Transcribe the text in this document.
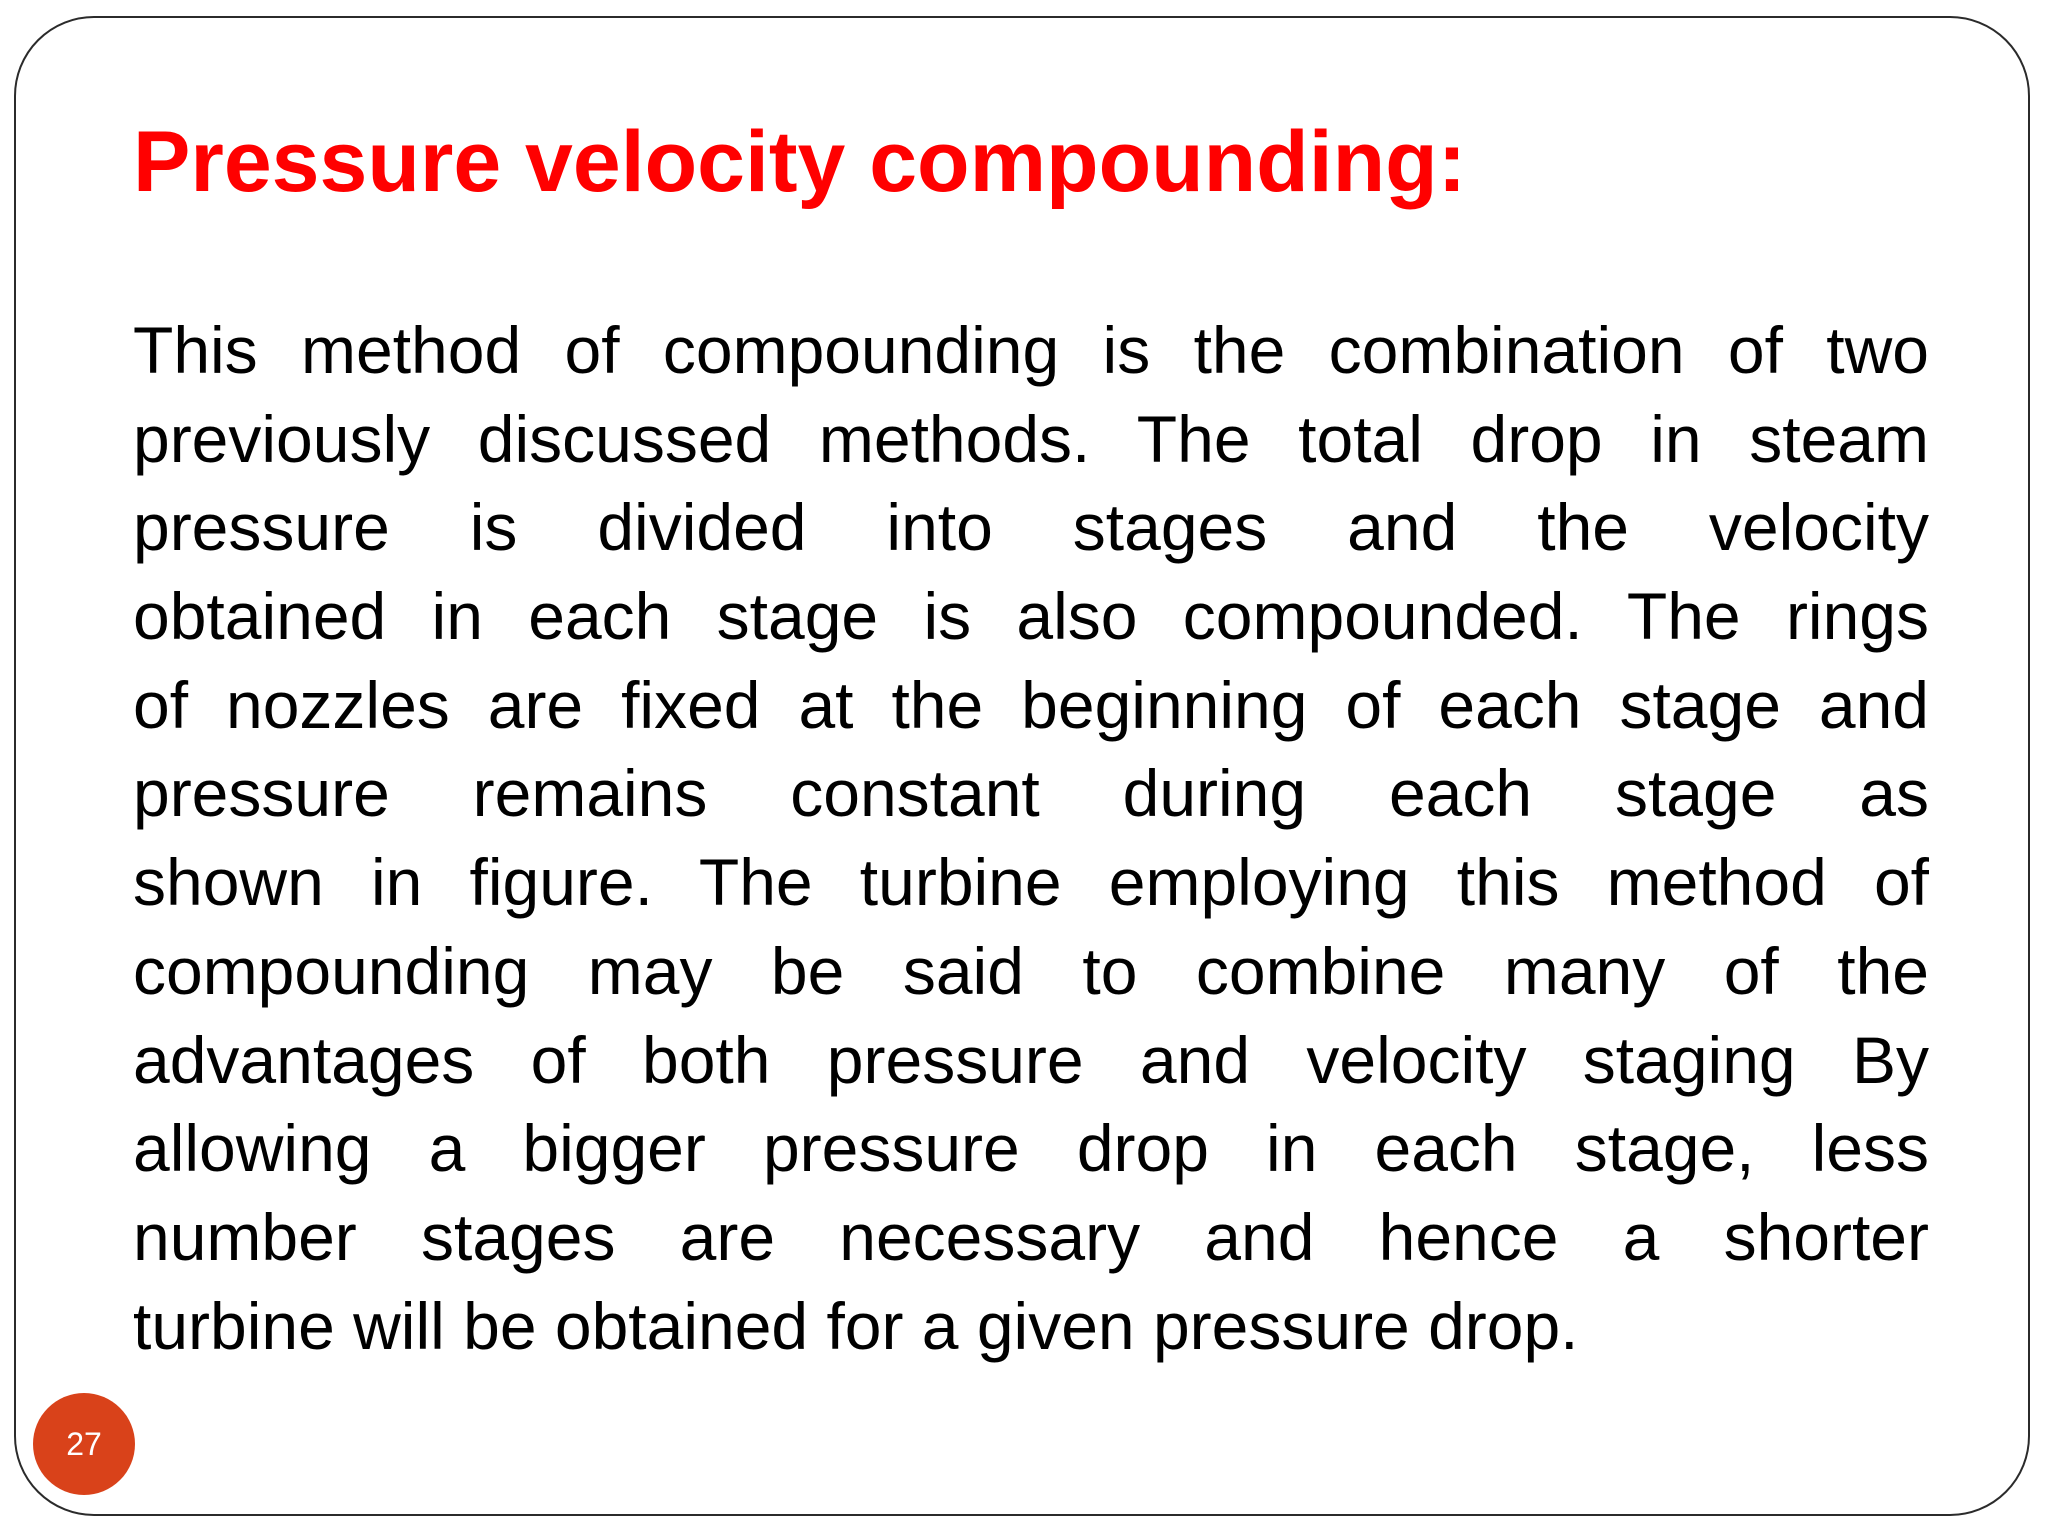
Pressure velocity compounding:
This method of compounding is the combination of two
previously discussed methods. The total drop in steam
pressure is divided into stages and the velocity
obtained in each stage is also compounded. The rings
of nozzles are fixed at the beginning of each stage and
pressure remains constant during each stage as
shown in figure. The turbine employing this method of
compounding may be said to combine many of the
advantages of both pressure and velocity staging By
allowing a bigger pressure drop in each stage, less
number stages are necessary and hence a shorter
turbine will be obtained for a given pressure drop.
27
